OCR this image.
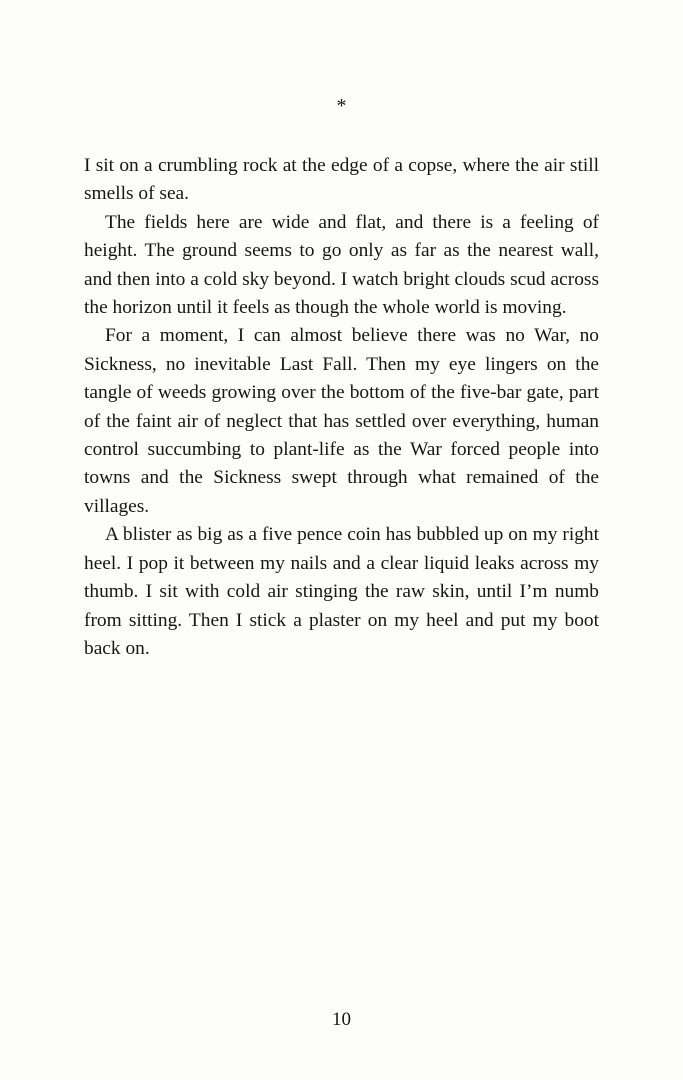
*

I sit on a crumbling rock at the edge of a copse, where the air still smells of sea.

The fields here are wide and flat, and there is a feeling of height. The ground seems to go only as far as the nearest wall, and then into a cold sky beyond. I watch bright clouds scud across the horizon until it feels as though the whole world is moving.

For a moment, I can almost believe there was no War, no Sickness, no inevitable Last Fall. Then my eye lingers on the tangle of weeds growing over the bottom of the five-bar gate, part of the faint air of neglect that has settled over everything, human control succumbing to plant-life as the War forced people into towns and the Sickness swept through what remained of the villages.

A blister as big as a five pence coin has bubbled up on my right heel. I pop it between my nails and a clear liquid leaks across my thumb. I sit with cold air stinging the raw skin, until I’m numb from sitting. Then I stick a plaster on my heel and put my boot back on.

10
